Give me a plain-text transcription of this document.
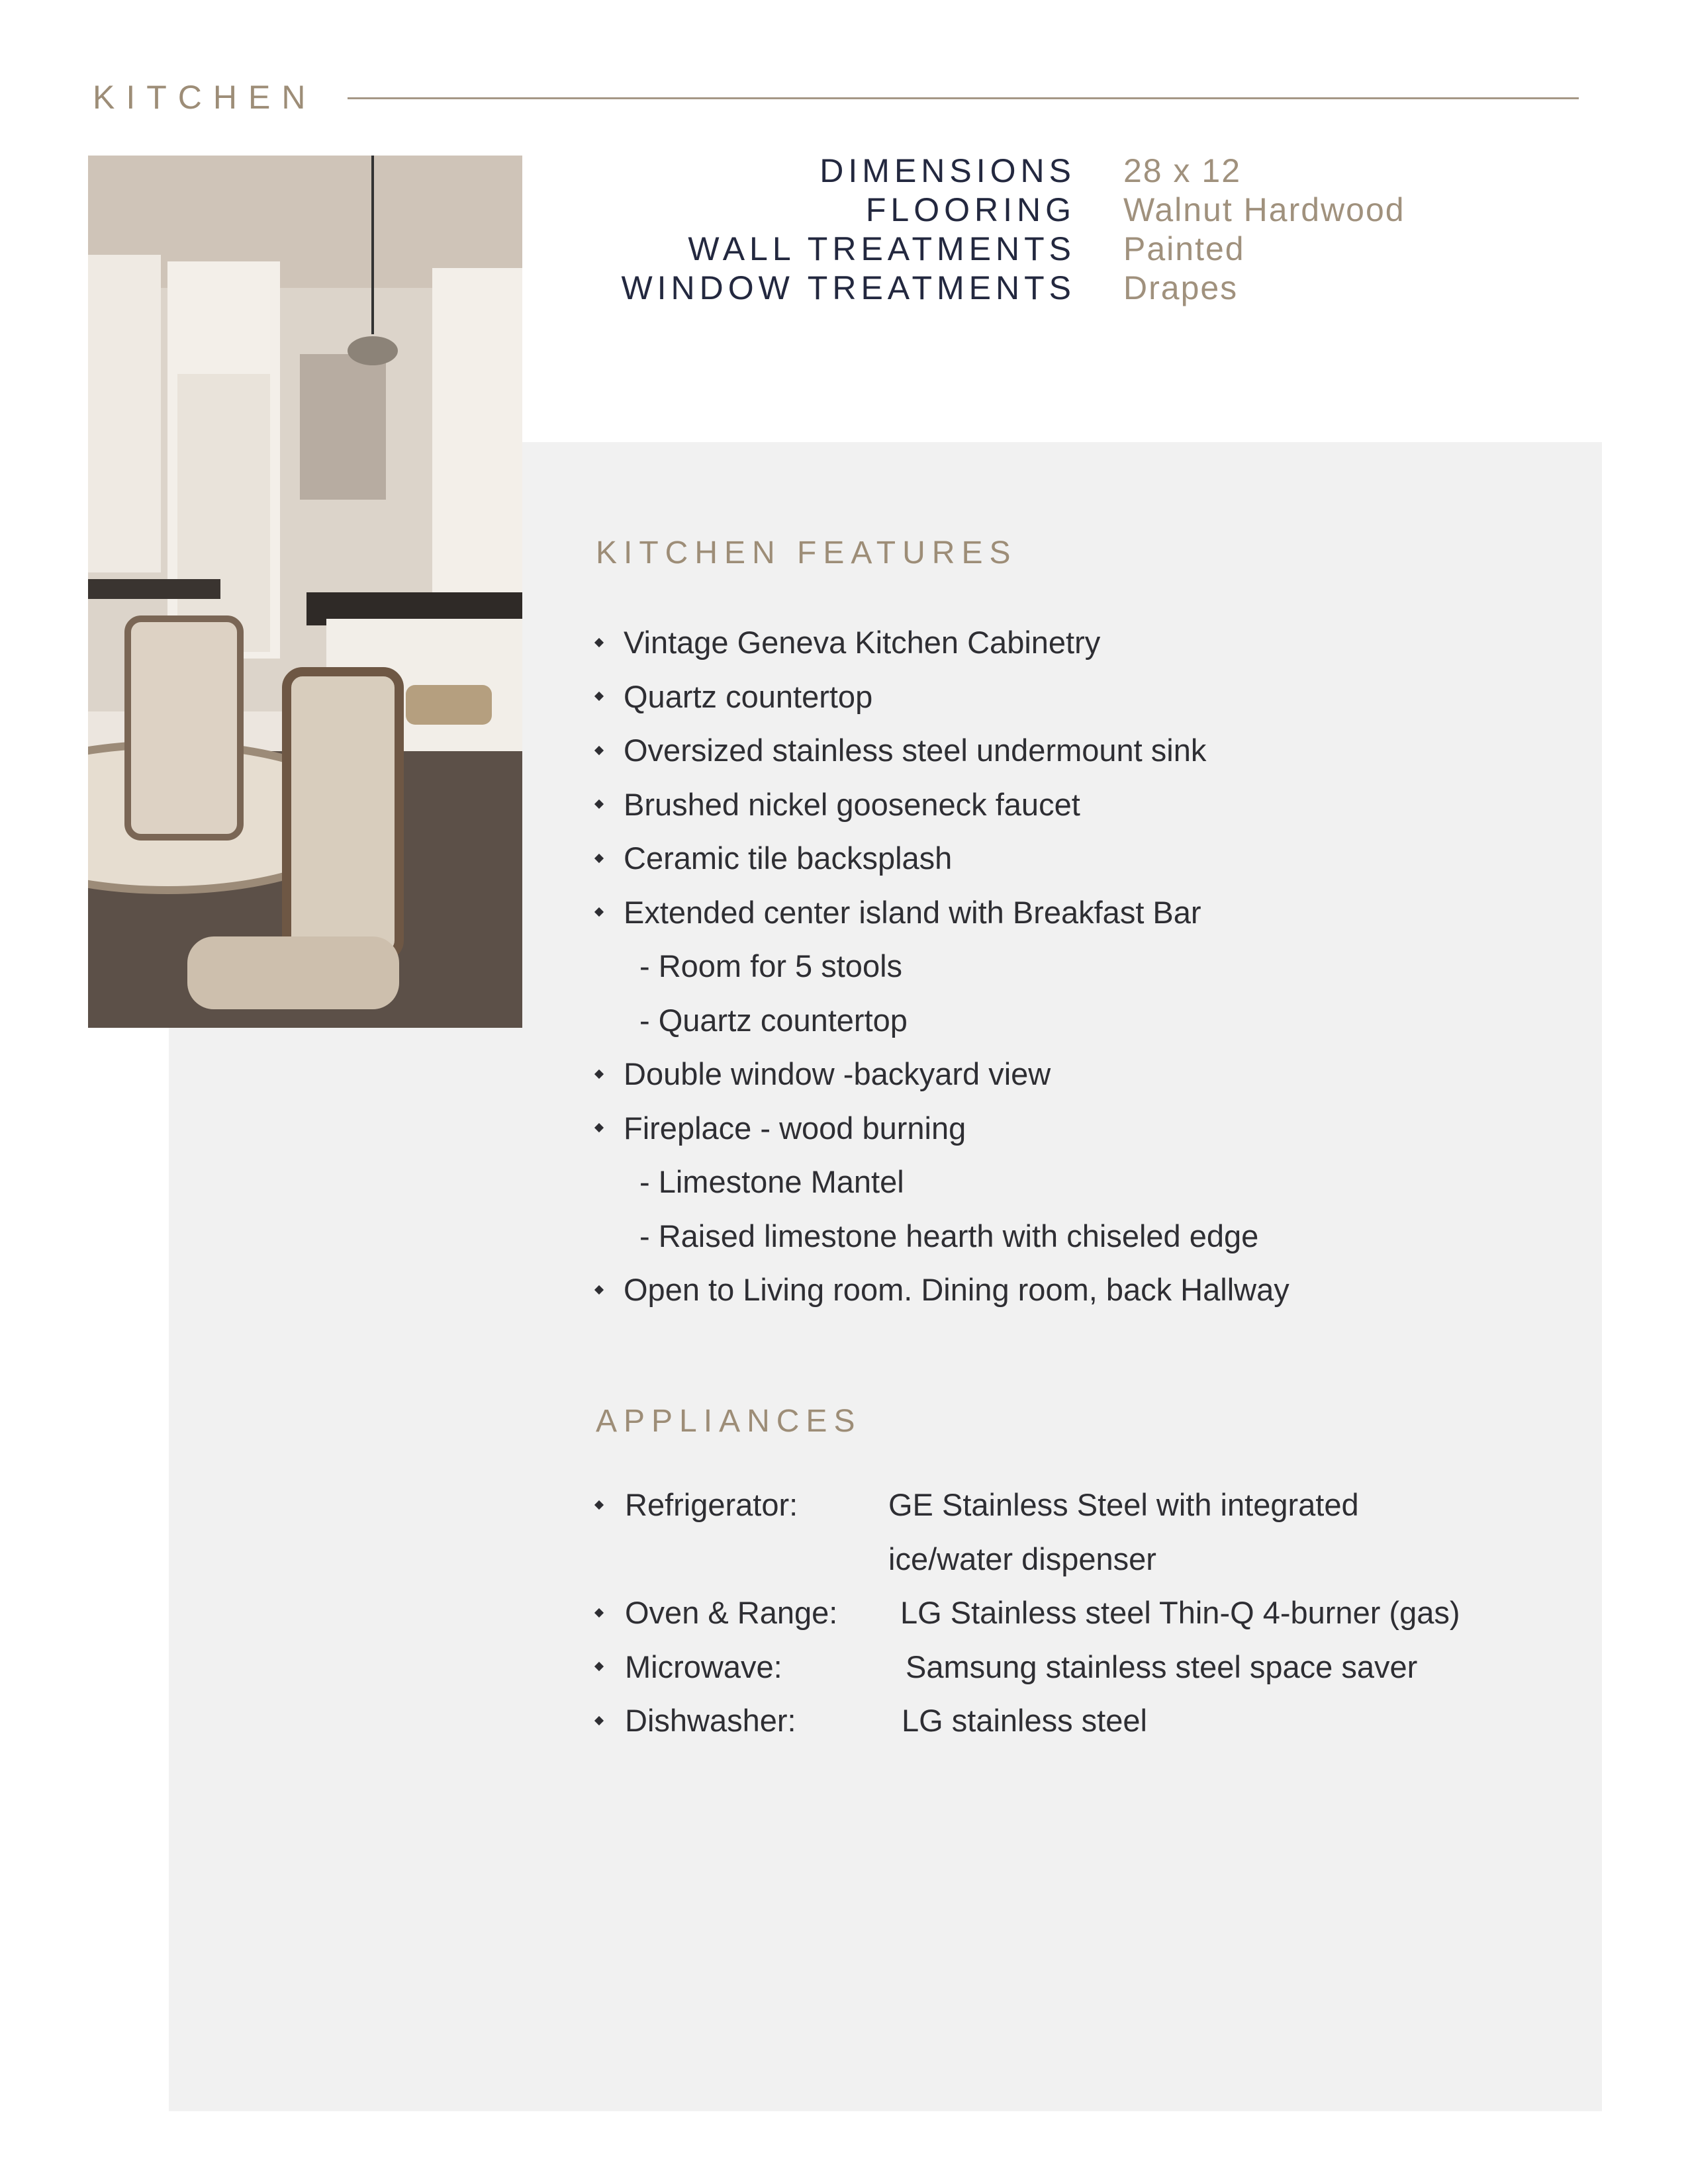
KITCHEN
DIMENSIONS 28 x 12
FLOORING Walnut Hardwood
WALL TREATMENTS Painted
WINDOW TREATMENTS Drapes
KITCHEN FEATURES
Vintage Geneva Kitchen Cabinetry
Quartz countertop
Oversized stainless steel undermount sink
Brushed nickel gooseneck faucet
Ceramic tile backsplash
Extended center island with Breakfast Bar
- Room for 5 stools
- Quartz countertop
Double window -backyard view
Fireplace - wood burning
- Limestone Mantel
- Raised limestone hearth with chiseled edge
Open to Living room. Dining room, back Hallway
APPLIANCES
Refrigerator:	GE Stainless Steel with integrated
ice/water dispenser
Oven & Range: LG Stainless steel Thin-Q 4-burner (gas)
Microwave:	Samsung stainless steel space saver
Dishwasher:	LG stainless steel
